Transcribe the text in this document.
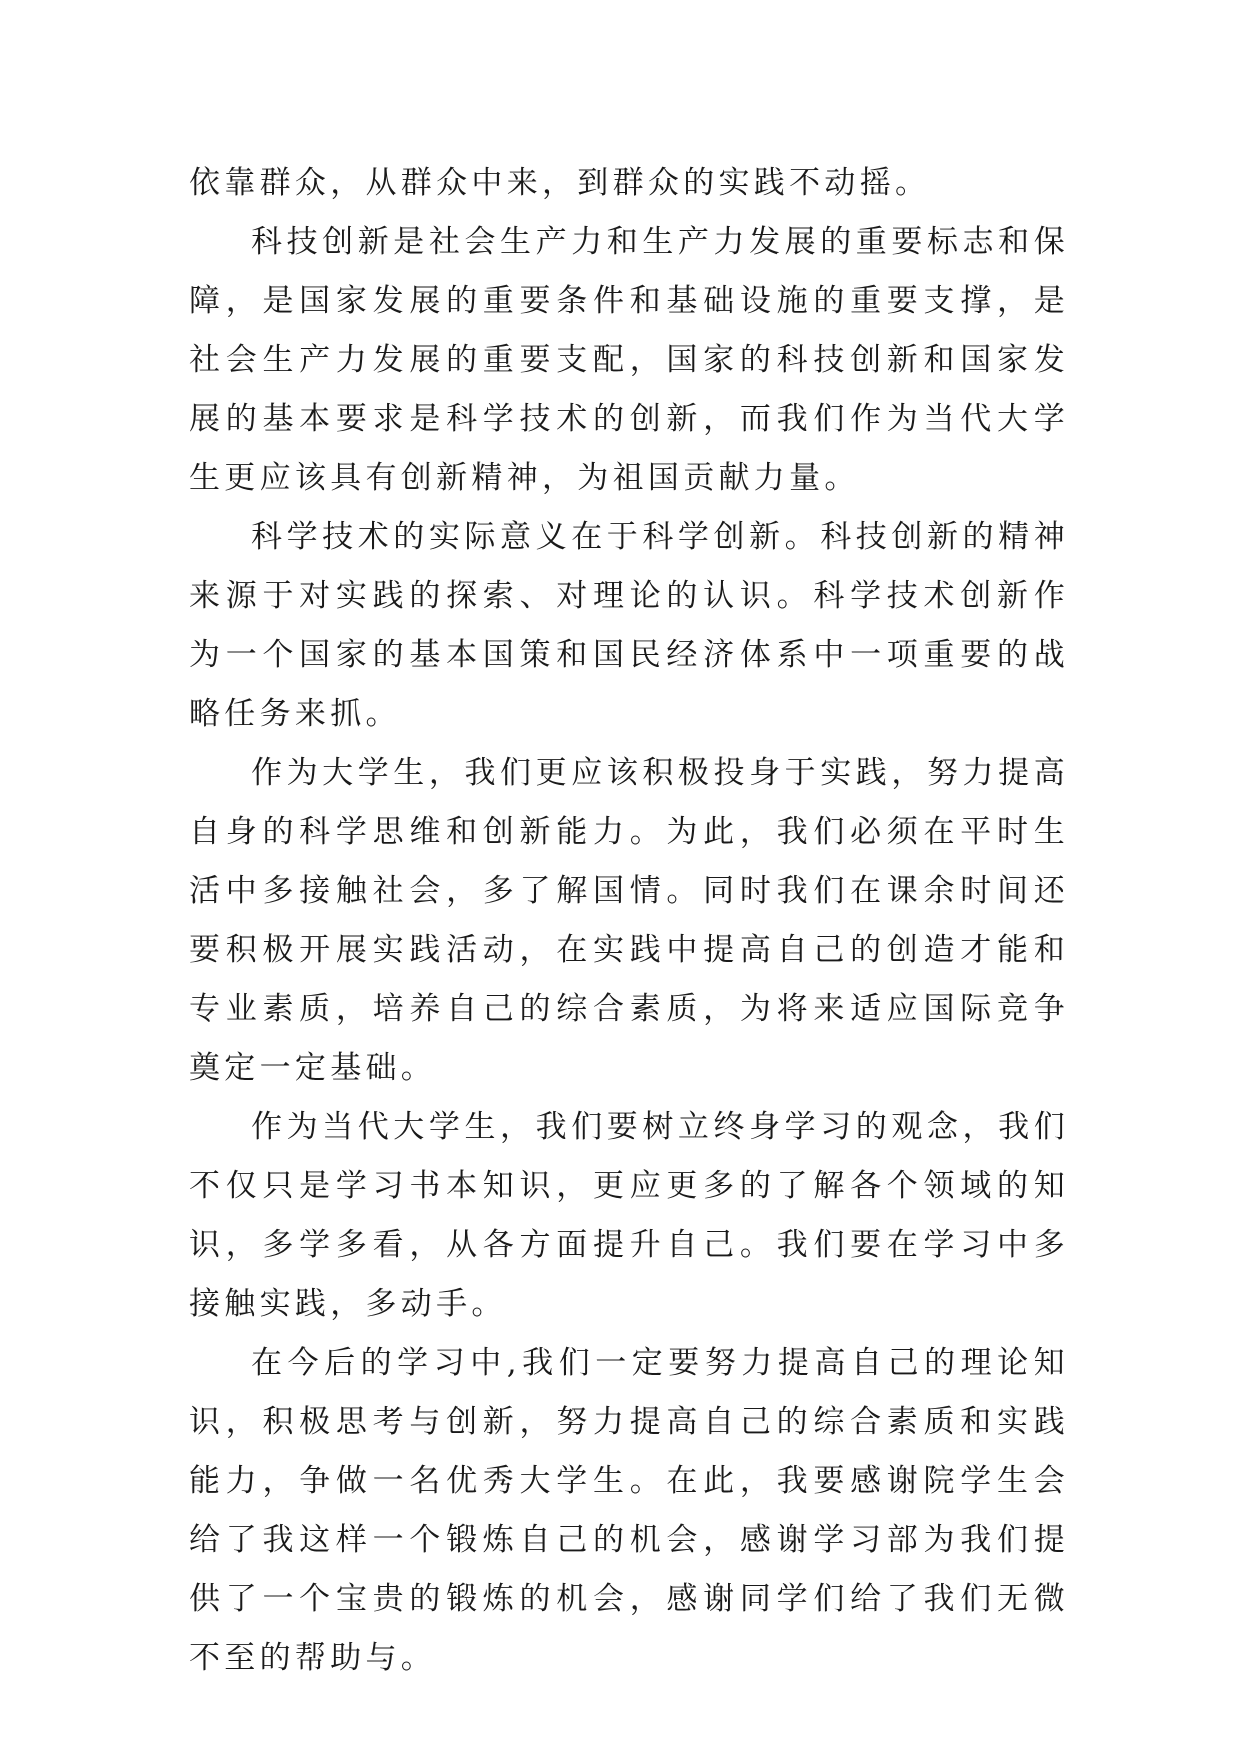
依靠群众，从群众中来，到群众的实践不动摇。

科技创新是社会生产力和生产力发展的重要标志和保障，是国家发展的重要条件和基础设施的重要支撑，是社会生产力发展的重要支配，国家的科技创新和国家发展的基本要求是科学技术的创新，而我们作为当代大学生更应该具有创新精神，为祖国贡献力量。

科学技术的实际意义在于科学创新。科技创新的精神来源于对实践的探索、对理论的认识。科学技术创新作为一个国家的基本国策和国民经济体系中一项重要的战略任务来抓。

作为大学生，我们更应该积极投身于实践，努力提高自身的科学思维和创新能力。为此，我们必须在平时生活中多接触社会，多了解国情。同时我们在课余时间还要积极开展实践活动，在实践中提高自己的创造才能和专业素质，培养自己的综合素质，为将来适应国际竞争奠定一定基础。

作为当代大学生，我们要树立终身学习的观念，我们不仅只是学习书本知识，更应更多的了解各个领域的知识，多学多看，从各方面提升自己。我们要在学习中多接触实践，多动手。

在今后的学习中,我们一定要努力提高自己的理论知识，积极思考与创新，努力提高自己的综合素质和实践能力，争做一名优秀大学生。在此，我要感谢院学生会给了我这样一个锻炼自己的机会，感谢学习部为我们提供了一个宝贵的锻炼的机会，感谢同学们给了我们无微不至的帮助与。
